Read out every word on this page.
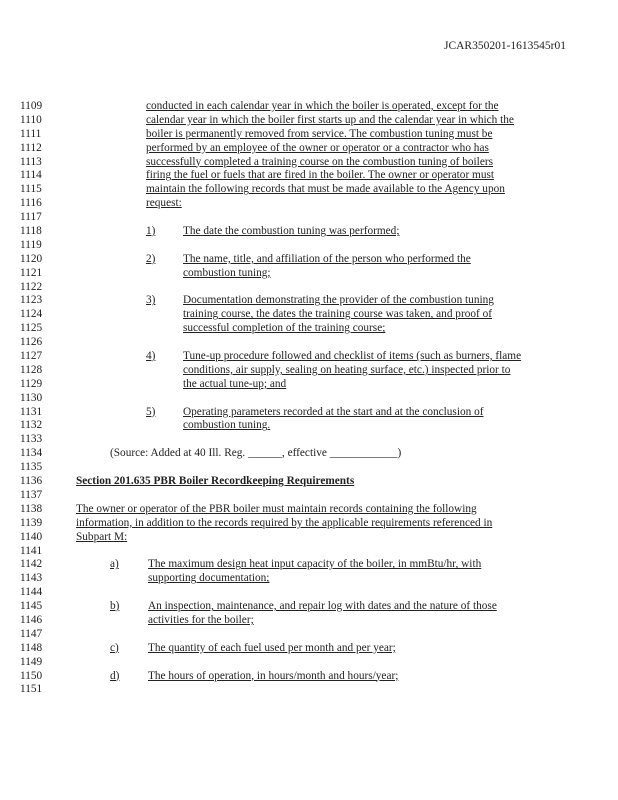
JCAR350201-1613545r01
1109	conducted in each calendar year in which the boiler is operated, except for the
1110	calendar year in which the boiler first starts up and the calendar year in which the
1111	boiler is permanently removed from service. The combustion tuning must be
1112	performed by an employee of the owner or operator or a contractor who has
1113	successfully completed a training course on the combustion tuning of boilers
1114	firing the fuel or fuels that are fired in the boiler. The owner or operator must
1115	maintain the following records that must be made available to the Agency upon
1116	request:
1117
1118	1) The date the combustion tuning was performed;
1119
1120	2) The name, title, and affiliation of the person who performed the
1121	combustion tuning;
1122
1123	3) Documentation demonstrating the provider of the combustion tuning
1124	training course, the dates the training course was taken, and proof of
1125	successful completion of the training course;
1126
1127	4) Tune-up procedure followed and checklist of items (such as burners, flame
1128	conditions, air supply, sealing on heating surface, etc.) inspected prior to
1129	the actual tune-up; and
1130
1131	5) Operating parameters recorded at the start and at the conclusion of
1132	combustion tuning.
1133
1134	(Source: Added at 40 Ill. Reg. ______, effective ____________)
1135
1136	Section 201.635 PBR Boiler Recordkeeping Requirements
1137
1138	The owner or operator of the PBR boiler must maintain records containing the following
1139	information, in addition to the records required by the applicable requirements referenced in
1140	Subpart M:
1141
1142	a)	The maximum design heat input capacity of the boiler, in mmBtu/hr, with
1143	supporting documentation;
1144
1145	b)	An inspection, maintenance, and repair log with dates and the nature of those
1146	activities for the boiler;
1147
1148	c)	The quantity of each fuel used per month and per year;
1149
1150	d)	The hours of operation, in hours/month and hours/year;
1151
